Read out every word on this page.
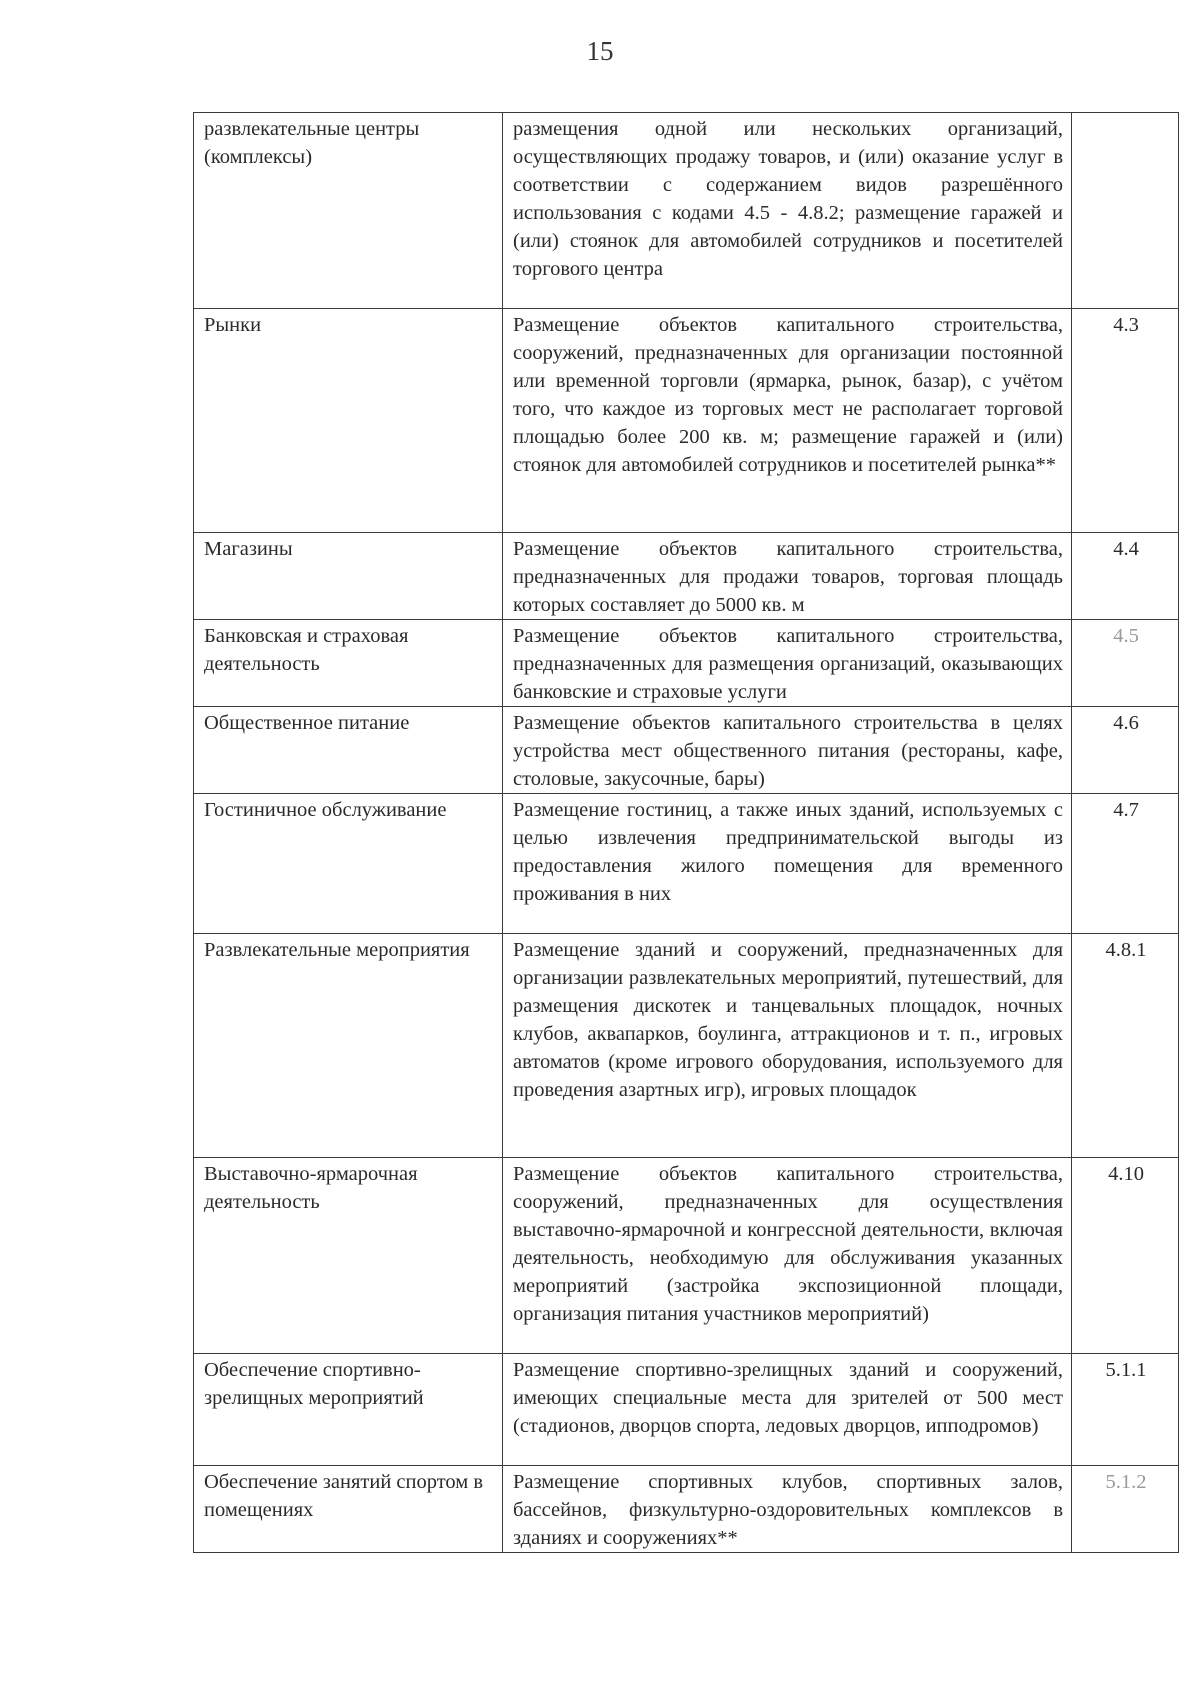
15
развлекательные центры (комплексы)	размещения одной или нескольких организаций, осуществляющих продажу товаров, и (или) оказание услуг в соответствии с содержанием видов разрешённого использования с кодами 4.5 - 4.8.2; размещение гаражей и (или) стоянок для автомобилей сотрудников и посетителей торгового центра	
Рынки	Размещение объектов капитального строительства, сооружений, предназначенных для организации постоянной или временной торговли (ярмарка, рынок, базар), с учётом того, что каждое из торговых мест не располагает торговой площадью более 200 кв. м; размещение гаражей и (или) стоянок для автомобилей сотрудников и посетителей рынка**	4.3
Магазины	Размещение объектов капитального строительства, предназначенных для продажи товаров, торговая площадь которых составляет до 5000 кв. м	4.4
Банковская и страховая деятельность	Размещение объектов капитального строительства, предназначенных для размещения организаций, оказывающих банковские и страховые услуги	4.5
Общественное питание	Размещение объектов капитального строительства в целях устройства мест общественного питания (рестораны, кафе, столовые, закусочные, бары)	4.6
Гостиничное обслуживание	Размещение гостиниц, а также иных зданий, используемых с целью извлечения предпринимательской выгоды из предоставления жилого помещения для временного проживания в них	4.7
Развлекательные мероприятия	Размещение зданий и сооружений, предназначенных для организации развлекательных мероприятий, путешествий, для размещения дискотек и танцевальных площадок, ночных клубов, аквапарков, боулинга, аттракционов и т. п., игровых автоматов (кроме игрового оборудования, используемого для проведения азартных игр), игровых площадок	4.8.1
Выставочно-ярмарочная деятельность	Размещение объектов капитального строительства, сооружений, предназначенных для осуществления выставочно-ярмарочной и конгрессной деятельности, включая деятельность, необходимую для обслуживания указанных мероприятий (застройка экспозиционной площади, организация питания участников мероприятий)	4.10
Обеспечение спортивно-зрелищных мероприятий	Размещение спортивно-зрелищных зданий и сооружений, имеющих специальные места для зрителей от 500 мест (стадионов, дворцов спорта, ледовых дворцов, ипподромов)	5.1.1
Обеспечение занятий спортом в помещениях	Размещение спортивных клубов, спортивных залов, бассейнов, физкультурно-оздоровительных комплексов в зданиях и сооружениях**	5.1.2
